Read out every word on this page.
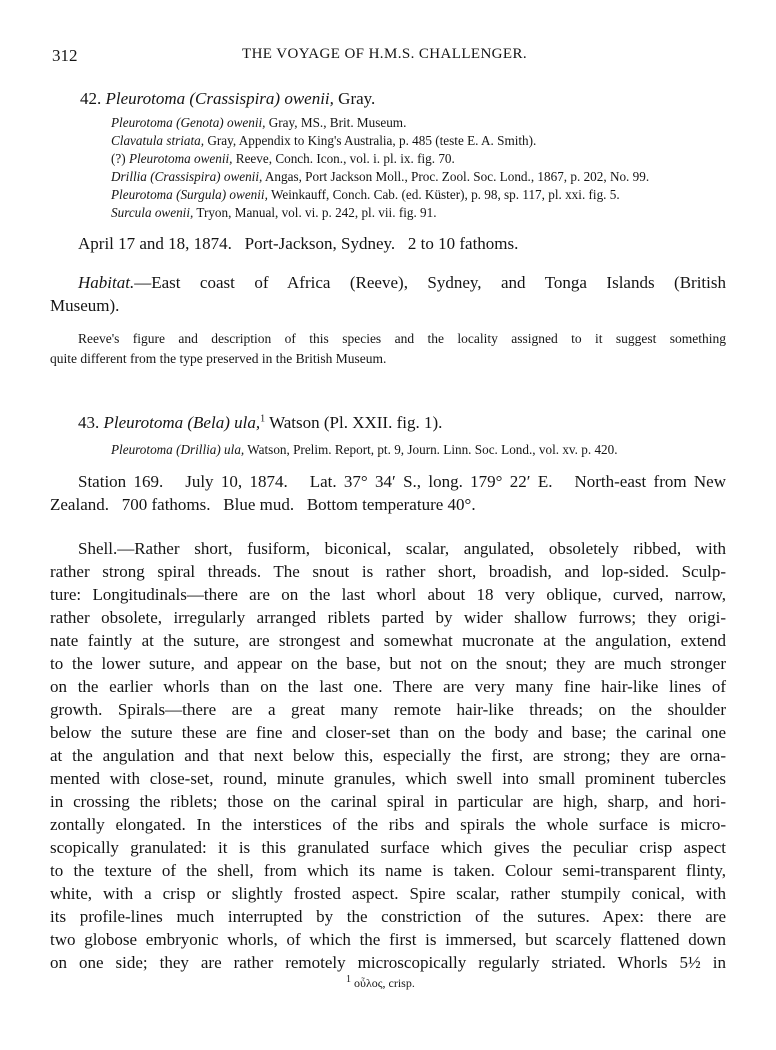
312	THE VOYAGE OF H.M.S. CHALLENGER.
42. Pleurotoma (Crassispira) owenii, Gray.
Pleurotoma (Genota) owenii, Gray, MS., Brit. Museum.
Clavatula striata, Gray, Appendix to King's Australia, p. 485 (teste E. A. Smith).
(?) Pleurotoma owenii, Reeve, Conch. Icon., vol. i. pl. ix. fig. 70.
Drillia (Crassispira) owenii, Angas, Port Jackson Moll., Proc. Zool. Soc. Lond., 1867, p. 202, No. 99.
Pleurotoma (Surgula) owenii, Weinkauff, Conch. Cab. (ed. Küster), p. 98, sp. 117, pl. xxi. fig. 5.
Surcula owenii, Tryon, Manual, vol. vi. p. 242, pl. vii. fig. 91.
April 17 and 18, 1874.   Port-Jackson, Sydney.   2 to 10 fathoms.
Habitat.—East coast of Africa (Reeve), Sydney, and Tonga Islands (British
Museum).
Reeve's figure and description of this species and the locality assigned to it suggest something
quite different from the type preserved in the British Museum.
43. Pleurotoma (Bela) ula,$^1$ Watson (Pl. XXII. fig. 1).
Pleurotoma (Drillia) ula, Watson, Prelim. Report, pt. 9, Journ. Linn. Soc. Lond., vol. xv. p. 420.
Station 169.   July 10, 1874.   Lat. 37° 34′ S., long. 179° 22′ E.   North-east from New
Zealand.   700 fathoms.   Blue mud.   Bottom temperature 40°.
Shell.—Rather short, fusiform, biconical, scalar, angulated, obsoletely ribbed, with
rather strong spiral threads. The snout is rather short, broadish, and lop-sided. Sculp-
ture: Longitudinals—there are on the last whorl about 18 very oblique, curved, narrow,
rather obsolete, irregularly arranged riblets parted by wider shallow furrows; they origi-
nate faintly at the suture, are strongest and somewhat mucronate at the angulation, extend
to the lower suture, and appear on the base, but not on the snout; they are much stronger
on the earlier whorls than on the last one. There are very many fine hair-like lines of
growth. Spirals—there are a great many remote hair-like threads; on the shoulder
below the suture these are fine and closer-set than on the body and base; the carinal one
at the angulation and that next below this, especially the first, are strong; they are orna-
mented with close-set, round, minute granules, which swell into small prominent tubercles
in crossing the riblets; those on the carinal spiral in particular are high, sharp, and hori-
zontally elongated. In the interstices of the ribs and spirals the whole surface is micro-
scopically granulated: it is this granulated surface which gives the peculiar crisp aspect
to the texture of the shell, from which its name is taken. Colour semi-transparent flinty,
white, with a crisp or slightly frosted aspect. Spire scalar, rather stumpily conical, with
its profile-lines much interrupted by the constriction of the sutures. Apex: there are
two globose embryonic whorls, of which the first is immersed, but scarcely flattened down
on one side; they are rather remotely microscopically regularly striated. Whorls 5½ in
$^1$ οὖλος, crisp.
